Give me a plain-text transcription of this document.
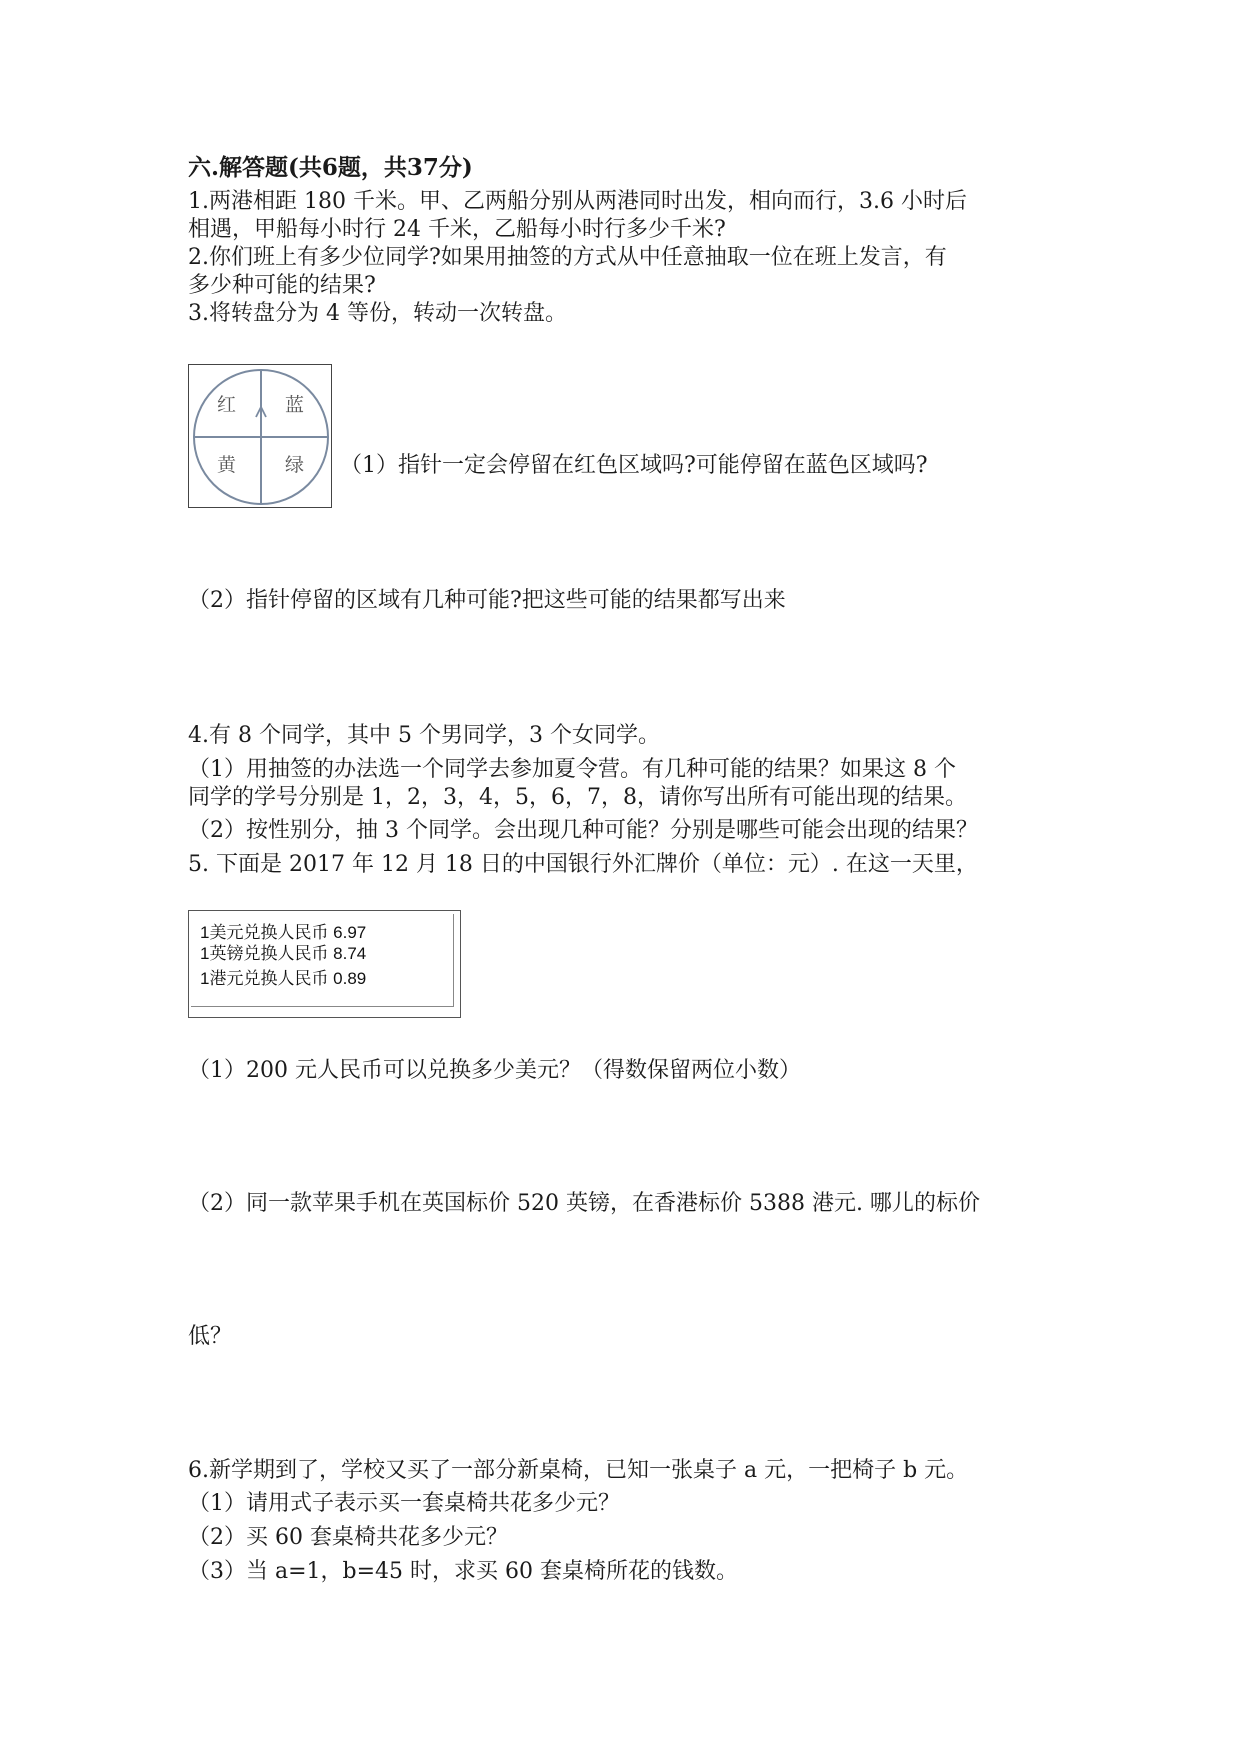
六.解答题(共6题，共37分)
1.两港相距 180 千米。甲、乙两船分别从两港同时出发，相向而行，3.6 小时后
相遇，甲船每小时行 24 千米，乙船每小时行多少千米?
2.你们班上有多少位同学?如果用抽签的方式从中任意抽取一位在班上发言，有
多少种可能的结果?
3.将转盘分为 4 等份，转动一次转盘。
红	蓝
黄	绿 （1）指针一定会停留在红色区域吗?可能停留在蓝色区域吗?
（2）指针停留的区域有几种可能?把这些可能的结果都写出来
4.有 8 个同学，其中 5 个男同学，3 个女同学。
（1）用抽签的办法选一个同学去参加夏令营。有几种可能的结果？如果这 8 个
同学的学号分别是 1，2，3，4，5，6，7，8，请你写出所有可能出现的结果。
（2）按性别分，抽 3 个同学。会出现几种可能？分别是哪些可能会出现的结果？
5. 下面是 2017 年 12 月 18 日的中国银行外汇牌价（单位：元）. 在这一天里，
1美元兑换人民币 6.97
1英镑兑换人民币 8.74
1港元兑换人民币 0.89
（1）200 元人民币可以兑换多少美元？（得数保留两位小数）
（2）同一款苹果手机在英国标价 520 英镑，在香港标价 5388 港元. 哪儿的标价
低？
6.新学期到了，学校又买了一部分新桌椅，已知一张桌子 a 元，一把椅子 b 元。
（1）请用式子表示买一套桌椅共花多少元？
（2）买 60 套桌椅共花多少元？
（3）当 a=1，b=45 时，求买 60 套桌椅所花的钱数。
